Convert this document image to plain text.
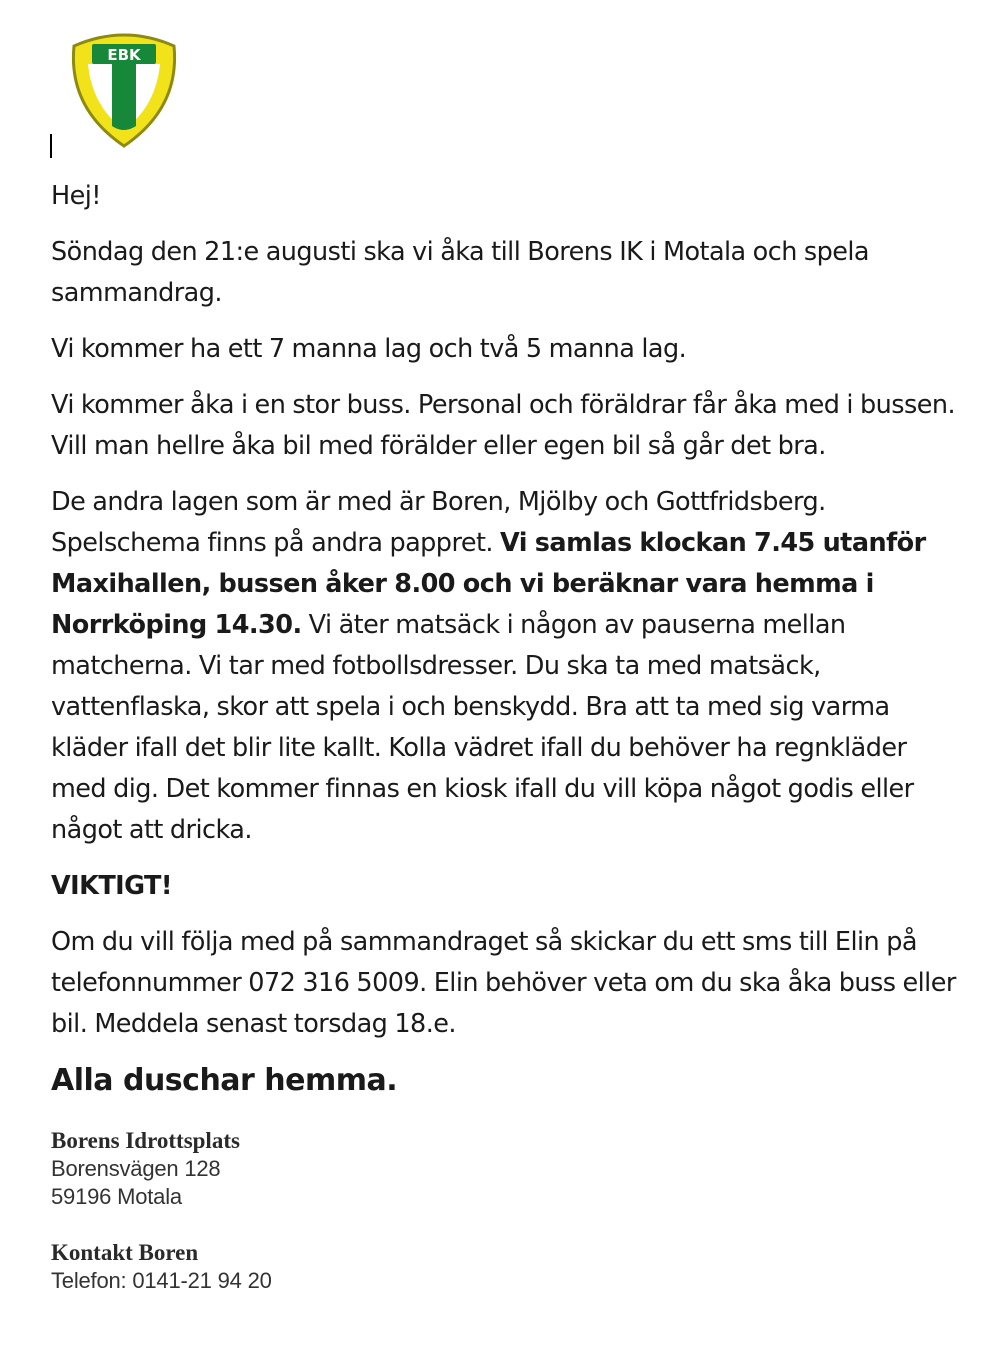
EBK

Hej!

Söndag den 21:e augusti ska vi åka till Borens IK i Motala och spela sammandrag.

Vi kommer ha ett 7 manna lag och två 5 manna lag.

Vi kommer åka i en stor buss. Personal och föräldrar får åka med i bussen. Vill man hellre åka bil med förälder eller egen bil så går det bra.

De andra lagen som är med är Boren, Mjölby och Gottfridsberg. Spelschema finns på andra pappret. Vi samlas klockan 7.45 utanför Maxihallen, bussen åker 8.00 och vi beräknar vara hemma i Norrköping 14.30. Vi äter matsäck i någon av pauserna mellan matcherna. Vi tar med fotbollsdresser. Du ska ta med matsäck, vattenflaska, skor att spela i och benskydd. Bra att ta med sig varma kläder ifall det blir lite kallt. Kolla vädret ifall du behöver ha regnkläder med dig. Det kommer finnas en kiosk ifall du vill köpa något godis eller något att dricka.

VIKTIGT!

Om du vill följa med på sammandraget så skickar du ett sms till Elin på telefonnummer 072 316 5009. Elin behöver veta om du ska åka buss eller bil. Meddela senast torsdag 18.e.

Alla duschar hemma.
Borens Idrottsplats
Borensvägen 128
59196 Motala
Kontakt Boren
Telefon: 0141-21 94 20
